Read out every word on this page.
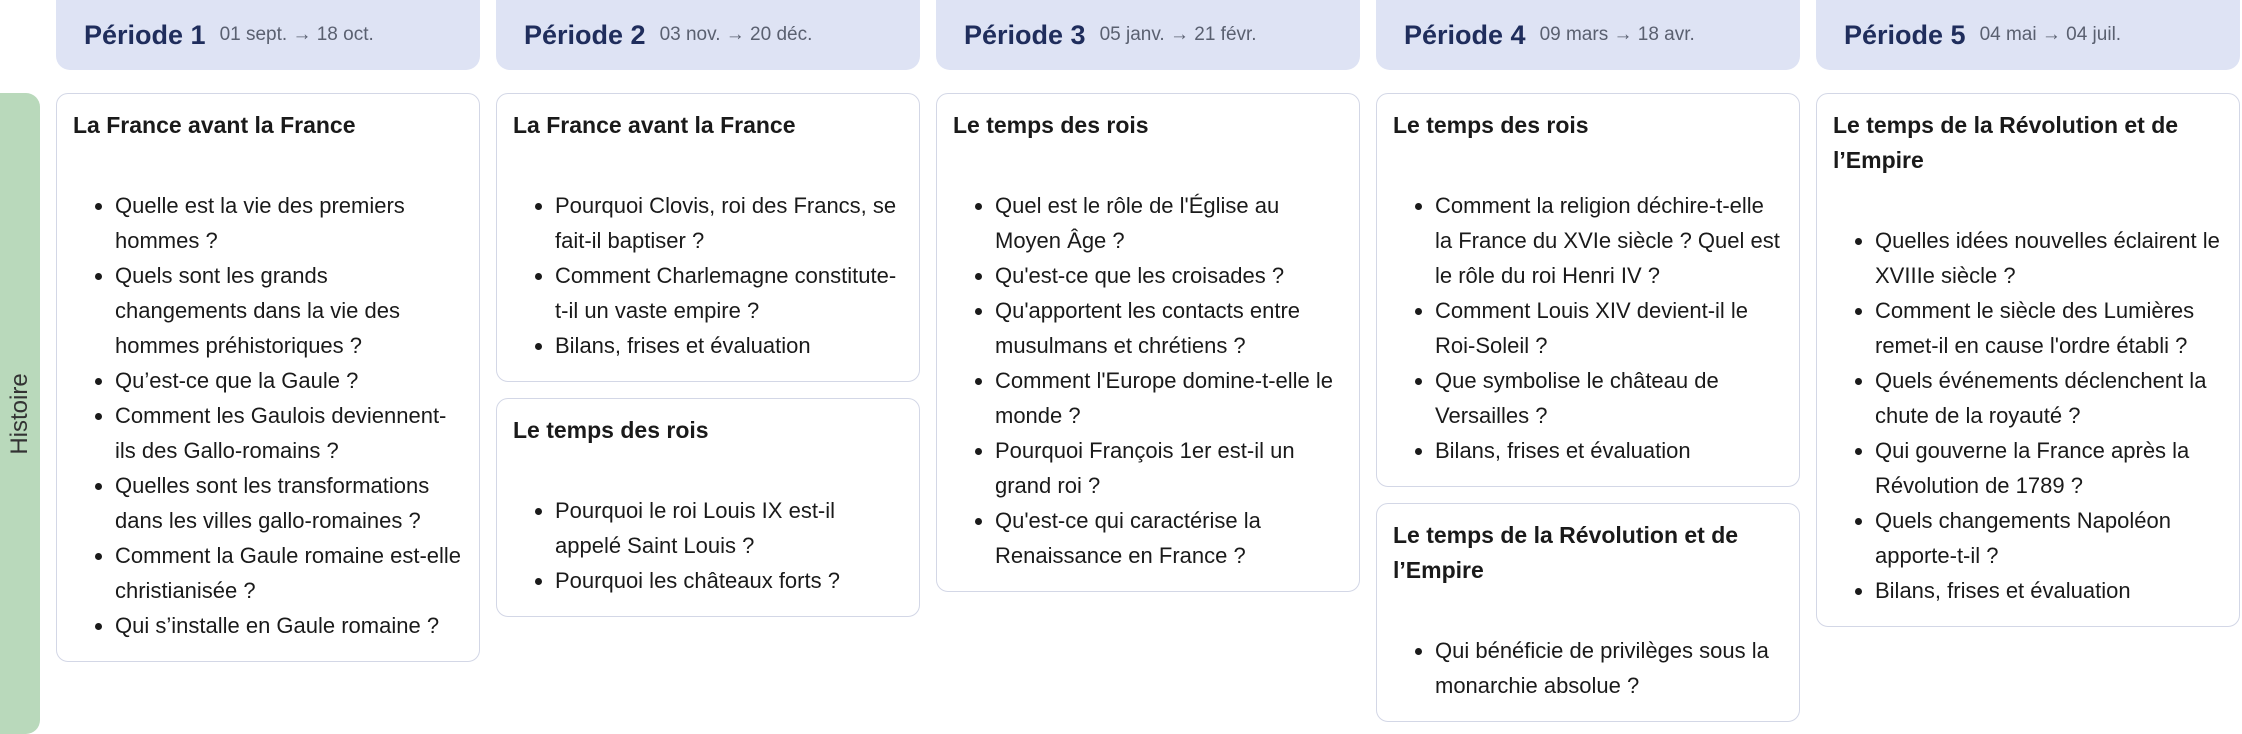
Histoire
Période 1 01 sept. → 18 oct.
La France avant la France
• Quelle est la vie des premiers hommes ?
• Quels sont les grands changements dans la vie des hommes préhistoriques ?
• Qu’est-ce que la Gaule ?
• Comment les Gaulois deviennent-ils des Gallo-romains ?
• Quelles sont les transformations dans les villes gallo-romaines ?
• Comment la Gaule romaine est-elle christianisée ?
• Qui s’installe en Gaule romaine ?
Période 2 03 nov. → 20 déc.
La France avant la France
• Pourquoi Clovis, roi des Francs, se fait-il baptiser ?
• Comment Charlemagne constitute-t-il un vaste empire ?
• Bilans, frises et évaluation
Le temps des rois
• Pourquoi le roi Louis IX est-il appelé Saint Louis ?
• Pourquoi les châteaux forts ?
Période 3 05 janv. → 21 févr.
Le temps des rois
• Quel est le rôle de l'Église au Moyen Âge ?
• Qu'est-ce que les croisades ?
• Qu'apportent les contacts entre musulmans et chrétiens ?
• Comment l'Europe domine-t-elle le monde ?
• Pourquoi François 1er est-il un grand roi ?
• Qu'est-ce qui caractérise la Renaissance en France ?
Période 4 09 mars → 18 avr.
Le temps des rois
• Comment la religion déchire-t-elle la France du XVIe siècle ? Quel est le rôle du roi Henri IV ?
• Comment Louis XIV devient-il le Roi-Soleil ?
• Que symbolise le château de Versailles ?
• Bilans, frises et évaluation
Le temps de la Révolution et de l’Empire
• Qui bénéficie de privilèges sous la monarchie absolue ?
Période 5 04 mai → 04 juil.
Le temps de la Révolution et de l’Empire
• Quelles idées nouvelles éclairent le XVIIIe siècle ?
• Comment le siècle des Lumières remet-il en cause l'ordre établi ?
• Quels événements déclenchent la chute de la royauté ?
• Qui gouverne la France après la Révolution de 1789 ?
• Quels changements Napoléon apporte-t-il ?
• Bilans, frises et évaluation
